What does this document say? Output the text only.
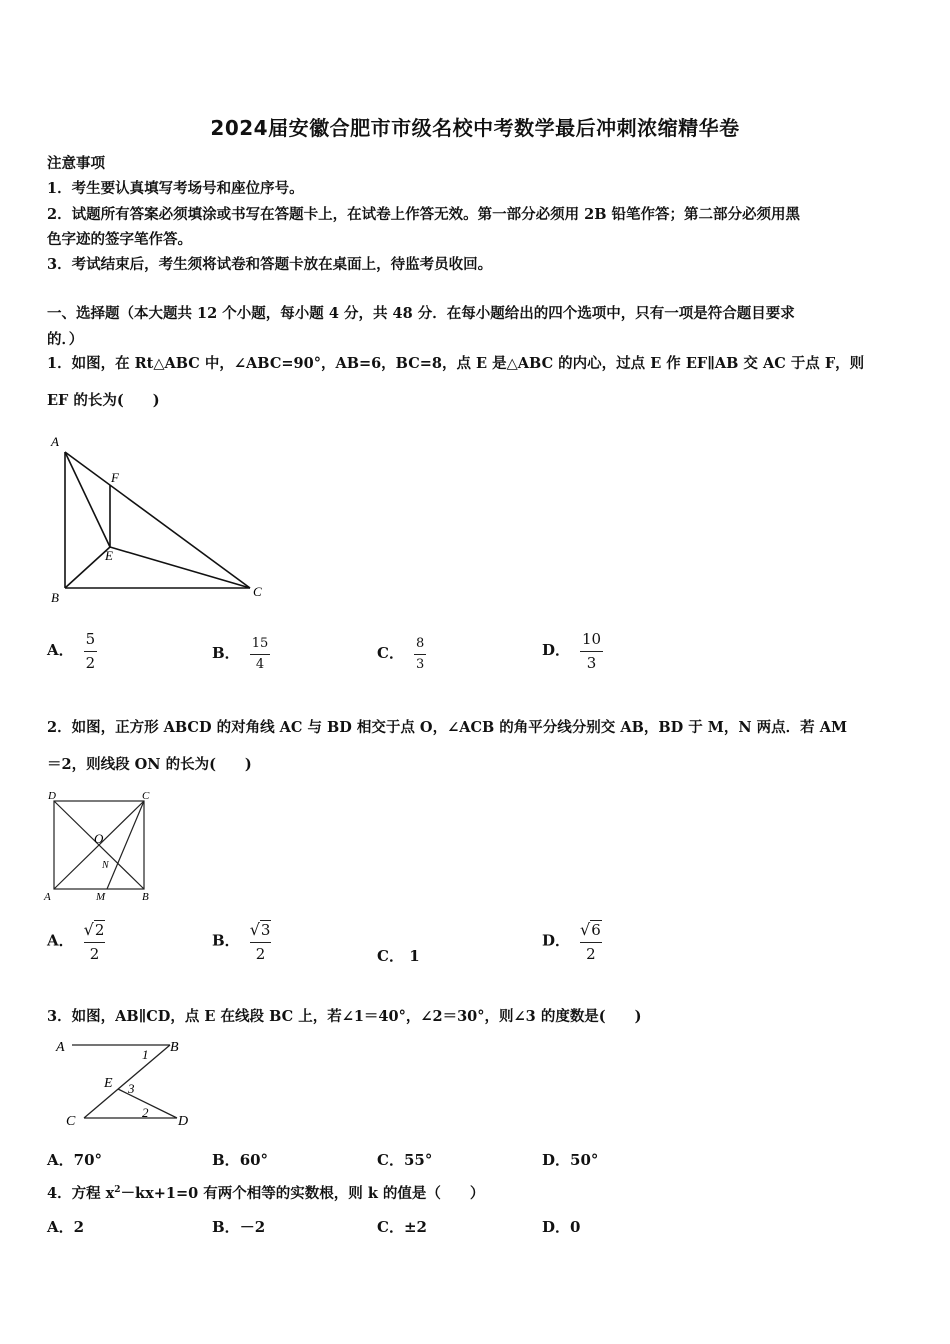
2024届安徽合肥市市级名校中考数学最后冲刺浓缩精华卷
注意事项
1．考生要认真填写考场号和座位序号。
2．试题所有答案必须填涂或书写在答题卡上，在试卷上作答无效。第一部分必须用 2B 铅笔作答；第二部分必须用黑
色字迹的签字笔作答。
3．考试结束后，考生须将试卷和答题卡放在桌面上，待监考员收回。
一、选择题（本大题共 12 个小题，每小题 4 分，共 48 分．在每小题给出的四个选项中，只有一项是符合题目要求
的．）
1．如图，在 Rt△ABC 中，∠ABC=90°，AB=6，BC=8，点 E 是△ABC 的内心，过点 E 作 EF∥AB 交 AC 于点 F，则
EF 的长为(　　)
A
F
E
B	C
A． $\frac{5}{2}$	B． $\frac{15}{4}$	C． $\frac{8}{3}$	D． $\frac{10}{3}$
2．如图，正方形 ABCD 的对角线 AC 与 BD 相交于点 O，∠ACB 的角平分线分别交 AB，BD 于 M，N 两点．若 AM
＝2，则线段 ON 的长为(　　)
D	C
O
N
A	M	B
A． $\frac{√ 2}{2}$	B． $\frac{√ 3}{2}$	C． 1
D． $\frac{√ 6}{2}$
3．如图，AB∥CD，点 E 在线段 BC 上，若∠1＝40°，∠2＝30°，则∠3 的度数是(　　)
A	B
1
E 3
2
C	D
A．70°	B．60°	C．55°	D．50°
4．方程 $x^2-kx+1=0$ 有两个相等的实数根，则 k 的值是（　　）
A．2	B．－2	C．±2	D．0
